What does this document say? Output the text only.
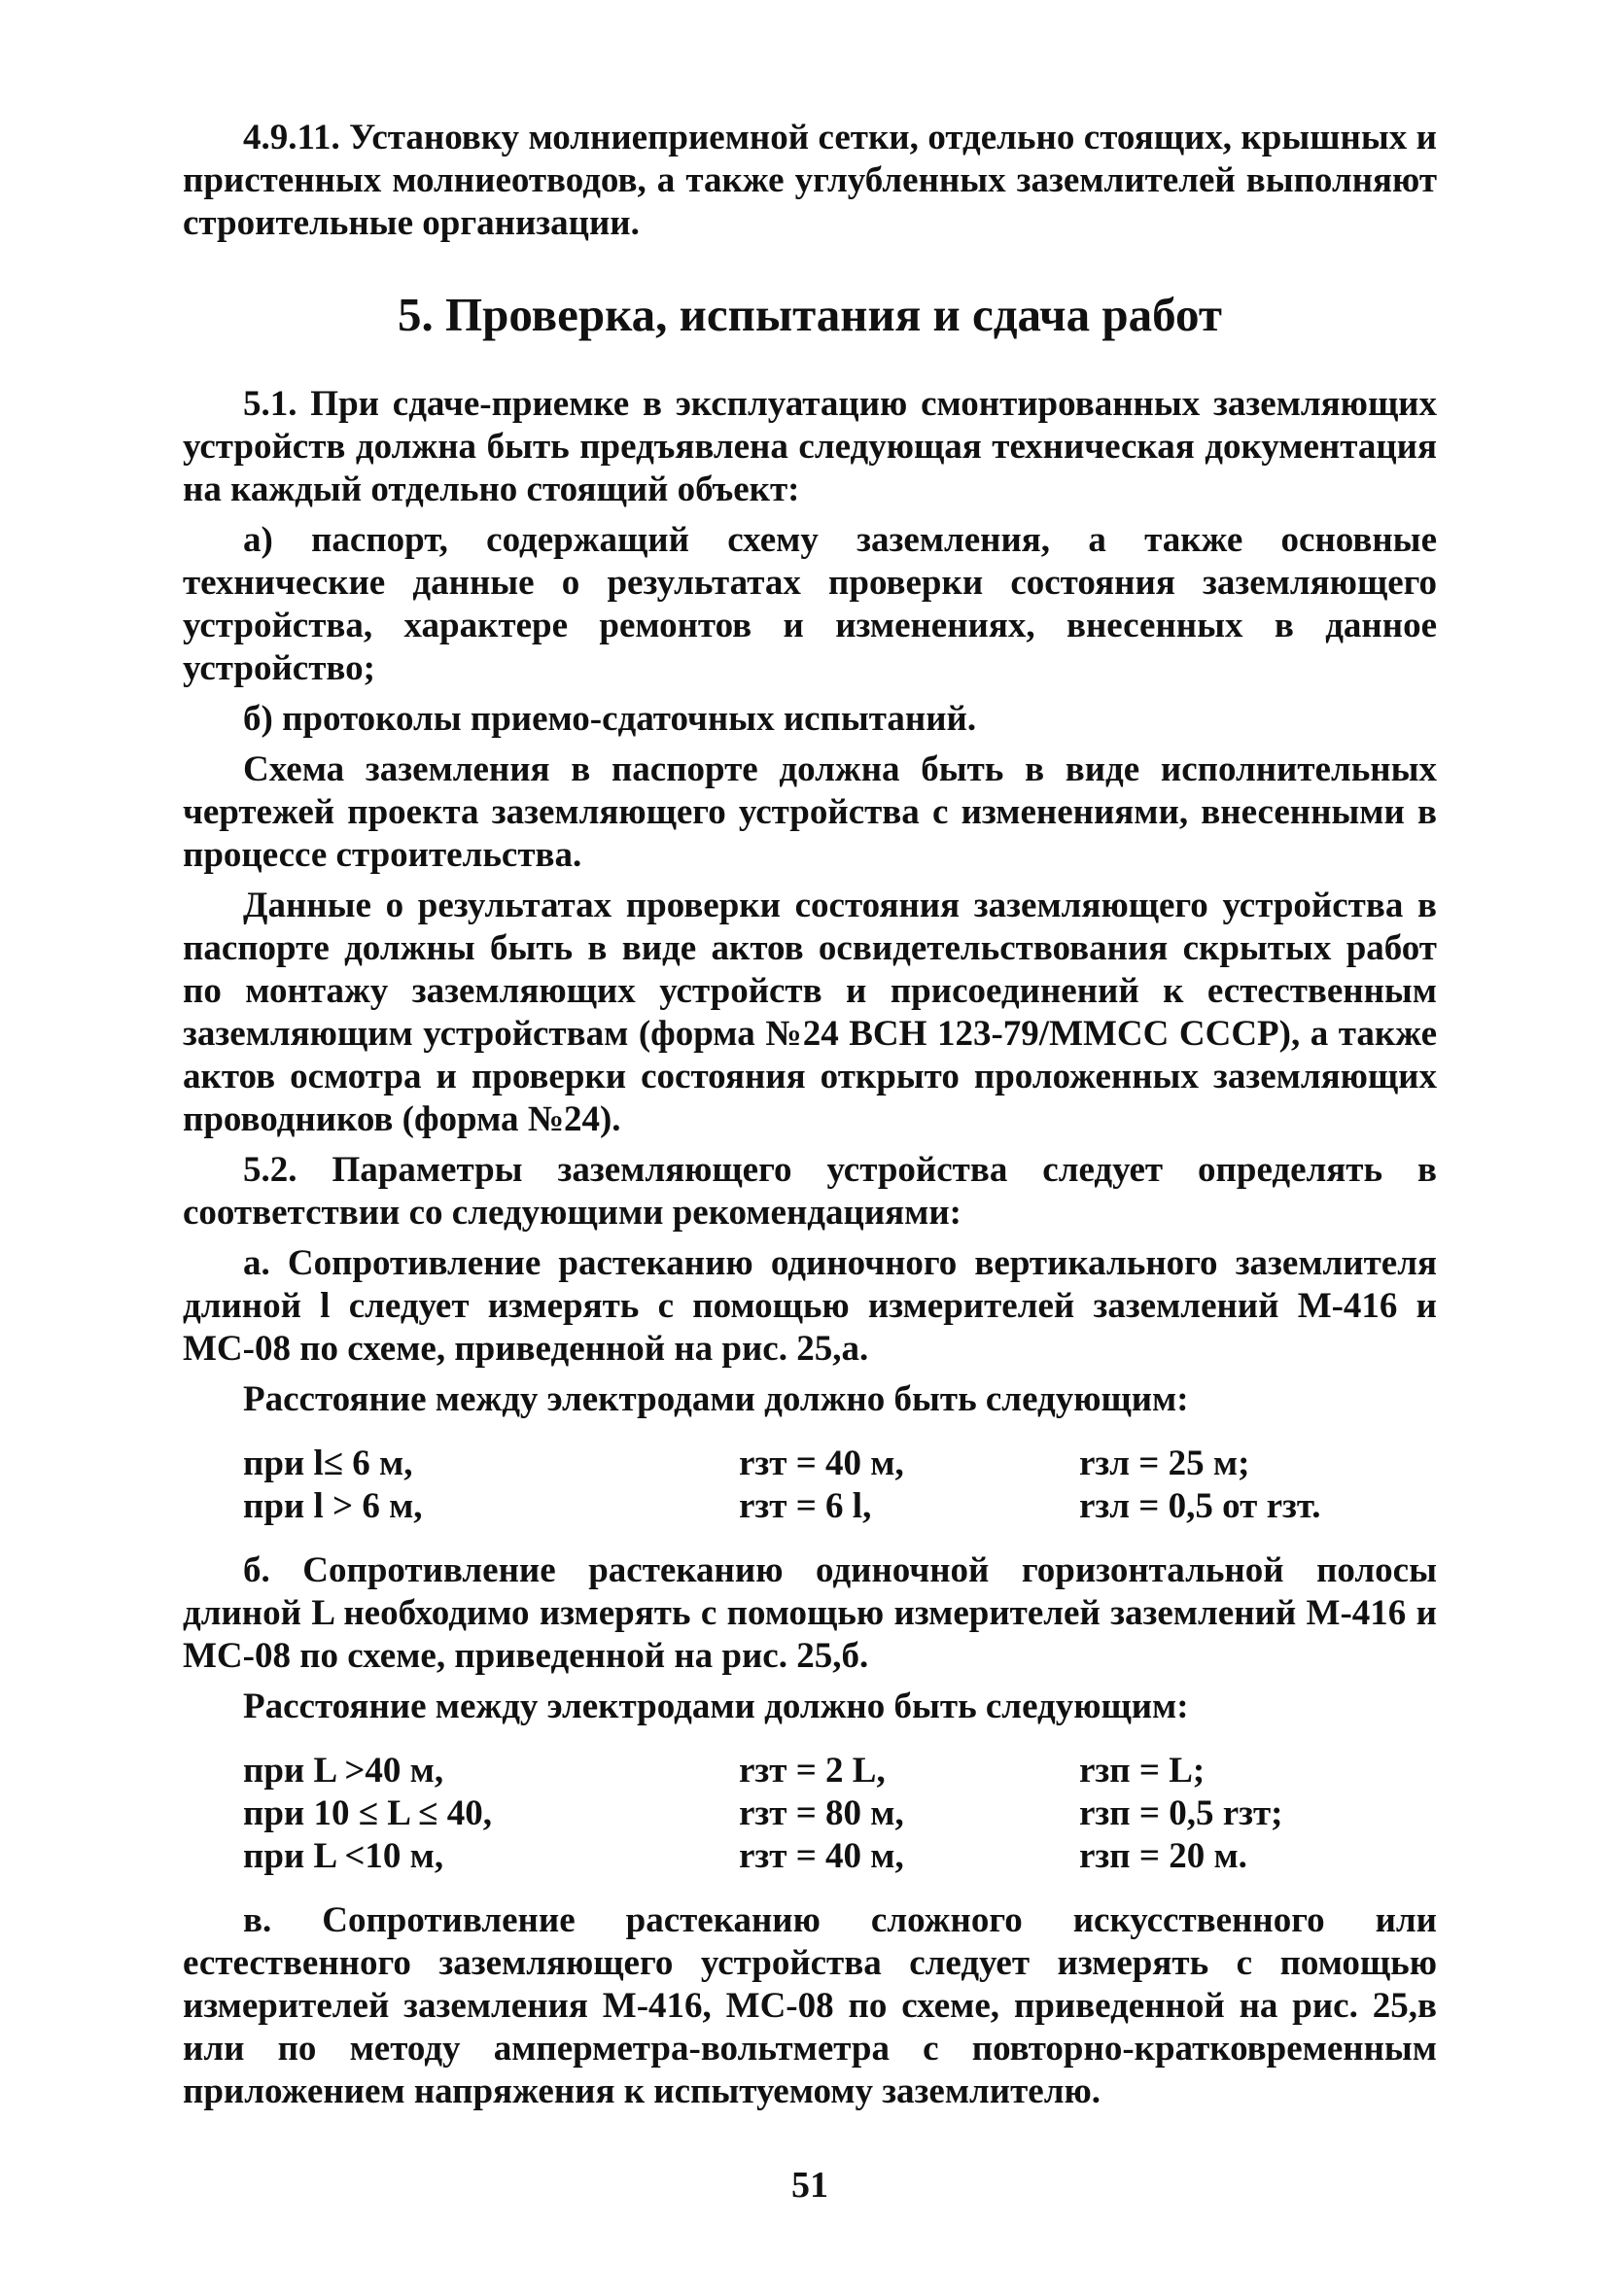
4.9.11. Установку молниеприемной сетки, отдельно стоящих, крышных и пристенных молниеотводов, а также углубленных заземлителей выполняют строительные организации.

5. Проверка, испытания и сдача работ

5.1. При сдаче-приемке в эксплуатацию смонтированных заземляющих устройств должна быть предъявлена следующая техническая документация на каждый отдельно стоящий объект:

а) паспорт, содержащий схему заземления, а также основные технические данные о результатах проверки состояния заземляющего устройства, характере ремонтов и изменениях, внесенных в данное устройство;

б) протоколы приемо-сдаточных испытаний.

Схема заземления в паспорте должна быть в виде исполнительных чертежей проекта заземляющего устройства с изменениями, внесенными в процессе строительства.

Данные о результатах проверки состояния заземляющего устройства в паспорте должны быть в виде актов освидетельствования скрытых работ по монтажу заземляющих устройств и присоединений к естественным заземляющим устройствам (форма №24 ВСН 123-79/ММСС СССР), а также актов осмотра и проверки состояния открыто проложенных заземляющих проводников (форма №24).

5.2. Параметры заземляющего устройства следует определять в соответствии со следующими рекомендациями:

а. Сопротивление растеканию одиночного вертикального заземлителя длиной l следует измерять с помощью измерителей заземлений М-416 и МС-08 по схеме, приведенной на рис. 25,а.

Расстояние между электродами должно быть следующим:

при l≤ 6 м,	rзт = 40 м,	rзл = 25 м;
при l > 6 м,	rзт = 6 l,	rзл = 0,5 от rзт.

б. Сопротивление растеканию одиночной горизонтальной полосы длиной L необходимо измерять с помощью измерителей заземлений М-416 и МС-08 по схеме, приведенной на рис. 25,б.

Расстояние между электродами должно быть следующим:

при L >40 м,	rзт = 2 L,	rзп = L;
при 10 ≤ L ≤ 40,	rзт = 80 м,	rзп = 0,5 rзт;
при L <10 м,	rзт = 40 м,	rзп = 20 м.

в. Сопротивление растеканию сложного искусственного или естественного заземляющего устройства следует измерять с помощью измерителей заземления М-416, МС-08 по схеме, приведенной на рис. 25,в или по методу амперметра-вольтметра с повторно-кратковременным приложением напряжения к испытуемому заземлителю.

51
